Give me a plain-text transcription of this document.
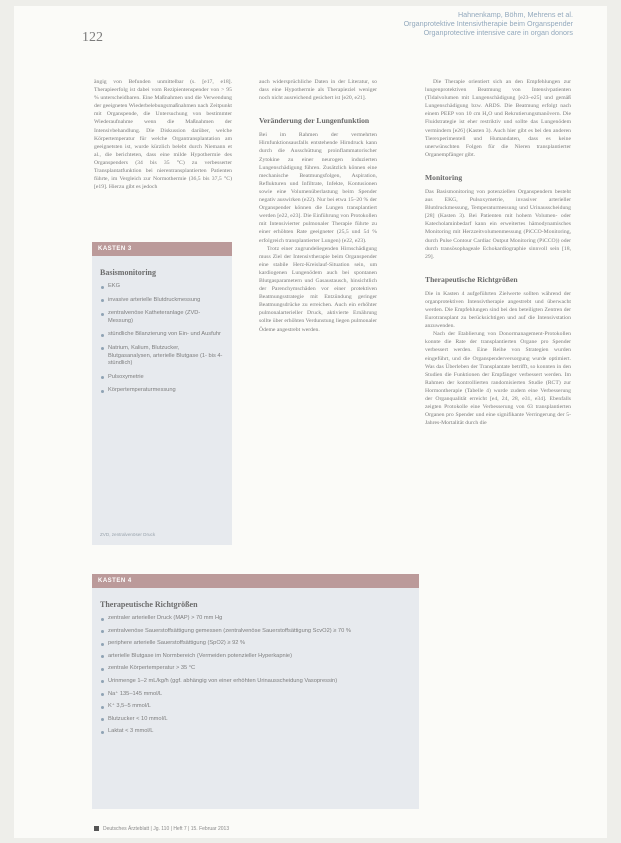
122
Hahnenkamp, Böhm, Mehrens et al.
Organprotektive Intensivtherapie beim Organspender
Organprotective intensive care in organ donors

ängig von Befunden unmittelbar (s. [e17, e18]. Therapieerfolg ist dabei vom Rezipientenspender von > 95 % unterscheidbaren. Eine Maßnahmen und die Verwendung der geeigneten Wiederbelebungsmaßnahmen nach Zeitpunkt mit Organspende, die Untersuchung von bestimmter Wiederaufnahme wenn die Maßnahmen der Intensivbehandlung. Die Diskussion darüber, welche Körpertemperatur für welche Organtransplantation am geeignetsten ist, wurde kürzlich belebt durch Niemann et al., die berichteten, dass eine milde Hypothermie des Organspenders (34 bis 35 °C) zu verbesserter Transplantatfunktion bei nierentransplantierten Patienten führte, im Vergleich zur Normothermie (36,5 bis 37,5 °C) [e19]. Hierzu gibt es jedoch

auch widersprüchliche Daten in der Literatur, so dass eine Hypothermie als Therapieziel weniger noch nicht ausreichend gesichert ist [e20, e21].

Veränderung der Lungenfunktion

Bei im Rahmen der vermehrten Hirnfunktionsausfalls entstehende Hirndruck kann durch die Ausschüttung proinflammatorischer Zytokine zu einer neurogen induzierten Lungenschädigung führen. Zusätzlich können eine mechanische Beatmungsfolgen, Aspiration, Reflukturen und Infiltrate, Infekte, Kontusionen sowie eine Volumenüberlastung beim Spender negativ auswirken (e22). Nur bei etwa 15–20 % der Organspender können die Lungen transplantiert werden [e22, e23]. Die Einführung von Protokollen mit Intensivierter pulmonaler Therapie führte zu einer erhöhten Rate geeigneter (25,5 und 54 % erfolgreich transplantierter Lungen) (e22, e23).

Trotz einer zugrundeliegenden Hirnschädigung muss Ziel der Intensivtherapie beim Organspender eine stabile Herz-Kreislauf-Situation sein, um kardiogenen Lungenödem auch bei spontanen Blutgasparametern und Gasaustausch, hinsichtlich der Parenchymschäden vor einer protektiven Beatmungsstrategie mit Entzündung geringer Beatmungsdrücke zu erreichen. Auch ein erhöhter pulmonalarterieller Druck, aktivierte Ernährung sollte über erhöhten Verdunstung liegen pulmonaler Ödeme angestrebt werden.

Die Therapie orientiert sich an den Empfehlungen zur lungenprotektiven Beatmung von Intensivpatienten (Tidalvolumen mit Lungenschädigung [e23–e25] und gemäß Lungenschädigung bzw. ARDS. Die Beatmung erfolgt nach einem PEEP von 10 cm H₂O und Rekrutierungsmanövern. Die Fluidstrategie ist eher restriktiv und sollte das Lungenödem vermindern [e26] (Kasten 3). Auch hier gibt es bei den anderen Tierexperimentell und Humandaten, dass es keine unerwünschten Folgen für die Nieren transplantierter Organempfänger gibt.

Monitoring

Das Basismonitoring von potenziellen Organspendern besteht aus EKG, Pulsoxymetrie, invasiver arterieller Blutdruckmessung, Temperaturmessung und Urinausscheidung [28] (Kasten 3). Bei Patienten mit hohem Volumen- oder Katecholaminbedarf kann ein erweitertes hämodynamisches Monitoring mit Herzzeitvolumenmessung (PiCCO-Monitoring, durch Pulse Contour Cardiac Output Monitoring (PiCCO)) oder durch transösophageale Echokardiographie sinnvoll sein [18, 29].

Therapeutische Richtgrößen

Die in Kasten 4 aufgeführten Zielwerte sollten während der organprotektiven Intensivtherapie angestrebt und überwacht werden. Die Empfehlungen sind bei den beteiligten Zentren der Eurotransplant zu berücksichtigen und auf die Intensivstation anzuwenden.

Nach der Etablierung von Donormanagement-Protokollen konnte die Rate der transplantierten Organe pro Spender verbessert werden. Eine Reihe von Strategien wurden eingeführt, und die Organspenderversorgung wurde optimiert. Was das Überleben der Transplantate betrifft, so konnten in den Studien die Funktionen der Empfänger verbessert werden. Im Rahmen der kontrollierten randomisierten Studie (RCT) zur Hormontherapie (Tabelle 4) wurde zudem eine Verbesserung der Organqualität erreicht [e4, 24, 28, e31, e34]. Ebenfalls zeigten Protokolle eine Verbesserung von 63 transplantierten Organen pro Spender und eine signifikante Verringerung der 5-Jahres-Mortalität durch die

KASTEN 3
Basismonitoring
EKG
invasive arterielle Blutdruckmessung
zentralvenöse Katheteranlage (ZVD-Messung)
stündliche Bilanzierung von Ein- und Ausfuhr
Natrium, Kalium, Blutzucker, Blutgasanalysen, arterielle Blutgase (1- bis 4-stündlich)
Pulsoxymetrie
Körpertemperaturmessung
ZVD, zentralvenöser Druck
KASTEN 4
Therapeutische Richtgrößen
zentraler arterieller Druck (MAP) > 70 mm Hg
zentralvenöse Sauerstoffsättigung gemessen (zentralvenöse Sauerstoffsättigung ScvO2) ≥ 70 %
periphere arterielle Sauerstoffsättigung (SpO2) ≥ 92 %
arterielle Blutgase im Normbereich (Vermeiden potenzieller Hyperkapnie)
zentrale Körpertemperatur > 35 °C
Urinmenge 1–2 mL/kg/h (ggf. abhängig von einer erhöhten Urinausscheidung Vasopressin)
Na⁺ 135–145 mmol/L
K⁺ 3,5–5 mmol/L
Blutzucker < 10 mmol/L
Laktat < 3 mmol/L
Deutsches Ärzteblatt | Jg. 110 | Heft 7 | 15. Februar 2013
